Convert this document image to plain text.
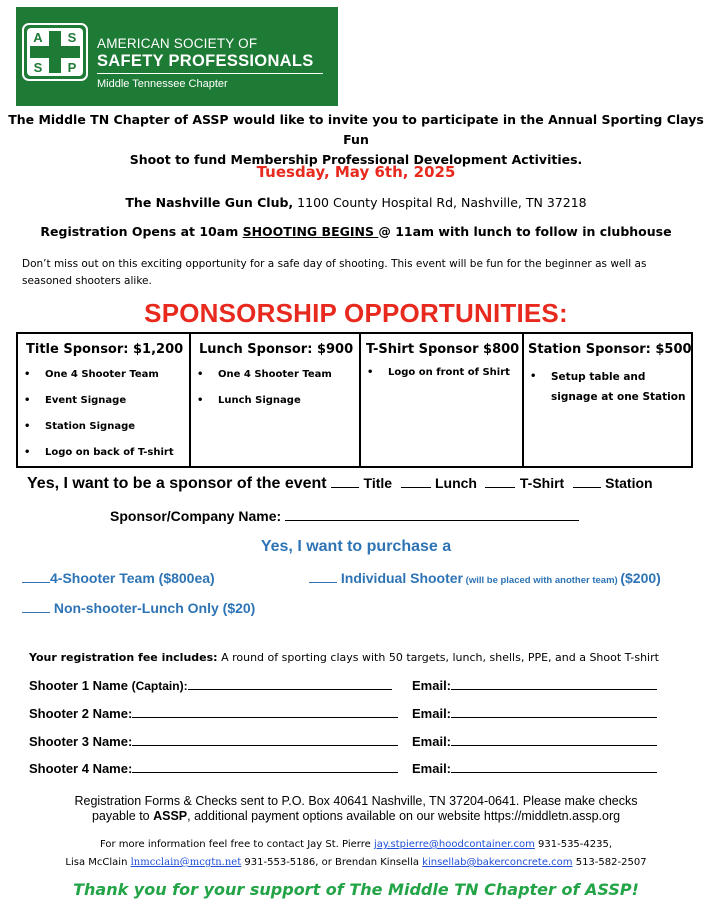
A S
S P
AMERICAN SOCIETY OF
SAFETY PROFESSIONALS
Middle Tennessee Chapter
The Middle TN Chapter of ASSP would like to invite you to participate in the Annual Sporting Clays Fun
Shoot to fund Membership Professional Development Activities.
Tuesday, May 6th, 2025
The Nashville Gun Club, 1100 County Hospital Rd, Nashville, TN 37218
Registration Opens at 10am SHOOTING BEGINS @ 11am with lunch to follow in clubhouse
Don’t miss out on this exciting opportunity for a safe day of shooting. This event will be fun for the beginner as well as seasoned shooters alike.
SPONSORSHIP OPPORTUNITIES:
Title Sponsor: $1,200
• One 4 Shooter Team
• Event Signage
• Station Signage
• Logo on back of T-shirt
Lunch Sponsor: $900
• One 4 Shooter Team
• Lunch Signage
T-Shirt Sponsor $800
• Logo on front of Shirt
Station Sponsor: $500
• Setup table and signage at one Station
Yes, I want to be a sponsor of the event	Title	Lunch	T-Shirt	Station
Sponsor/Company Name:
Yes, I want to purchase a
4-Shooter Team ($800ea)	Individual Shooter (will be placed with another team) ($200)
Non-shooter-Lunch Only ($20)
Your registration fee includes: A round of sporting clays with 50 targets, lunch, shells, PPE, and a Shoot T-shirt
Shooter 1 Name (Captain):	Email:
Shooter 2 Name:	Email:
Shooter 3 Name:	Email:
Shooter 4 Name:	Email:
Registration Forms & Checks sent to P.O. Box 40641 Nashville, TN 37204-0641. Please make checks
payable to ASSP, additional payment options available on our website https://middletn.assp.org
For more information feel free to contact Jay St. Pierre jay.stpierre@hoodcontainer.com 931-535-4235,
Lisa McClain lnmcclain@mcgtn.net 931-553-5186, or Brendan Kinsella kinsellab@bakerconcrete.com 513-582-2507
Thank you for your support of The Middle TN Chapter of ASSP!
